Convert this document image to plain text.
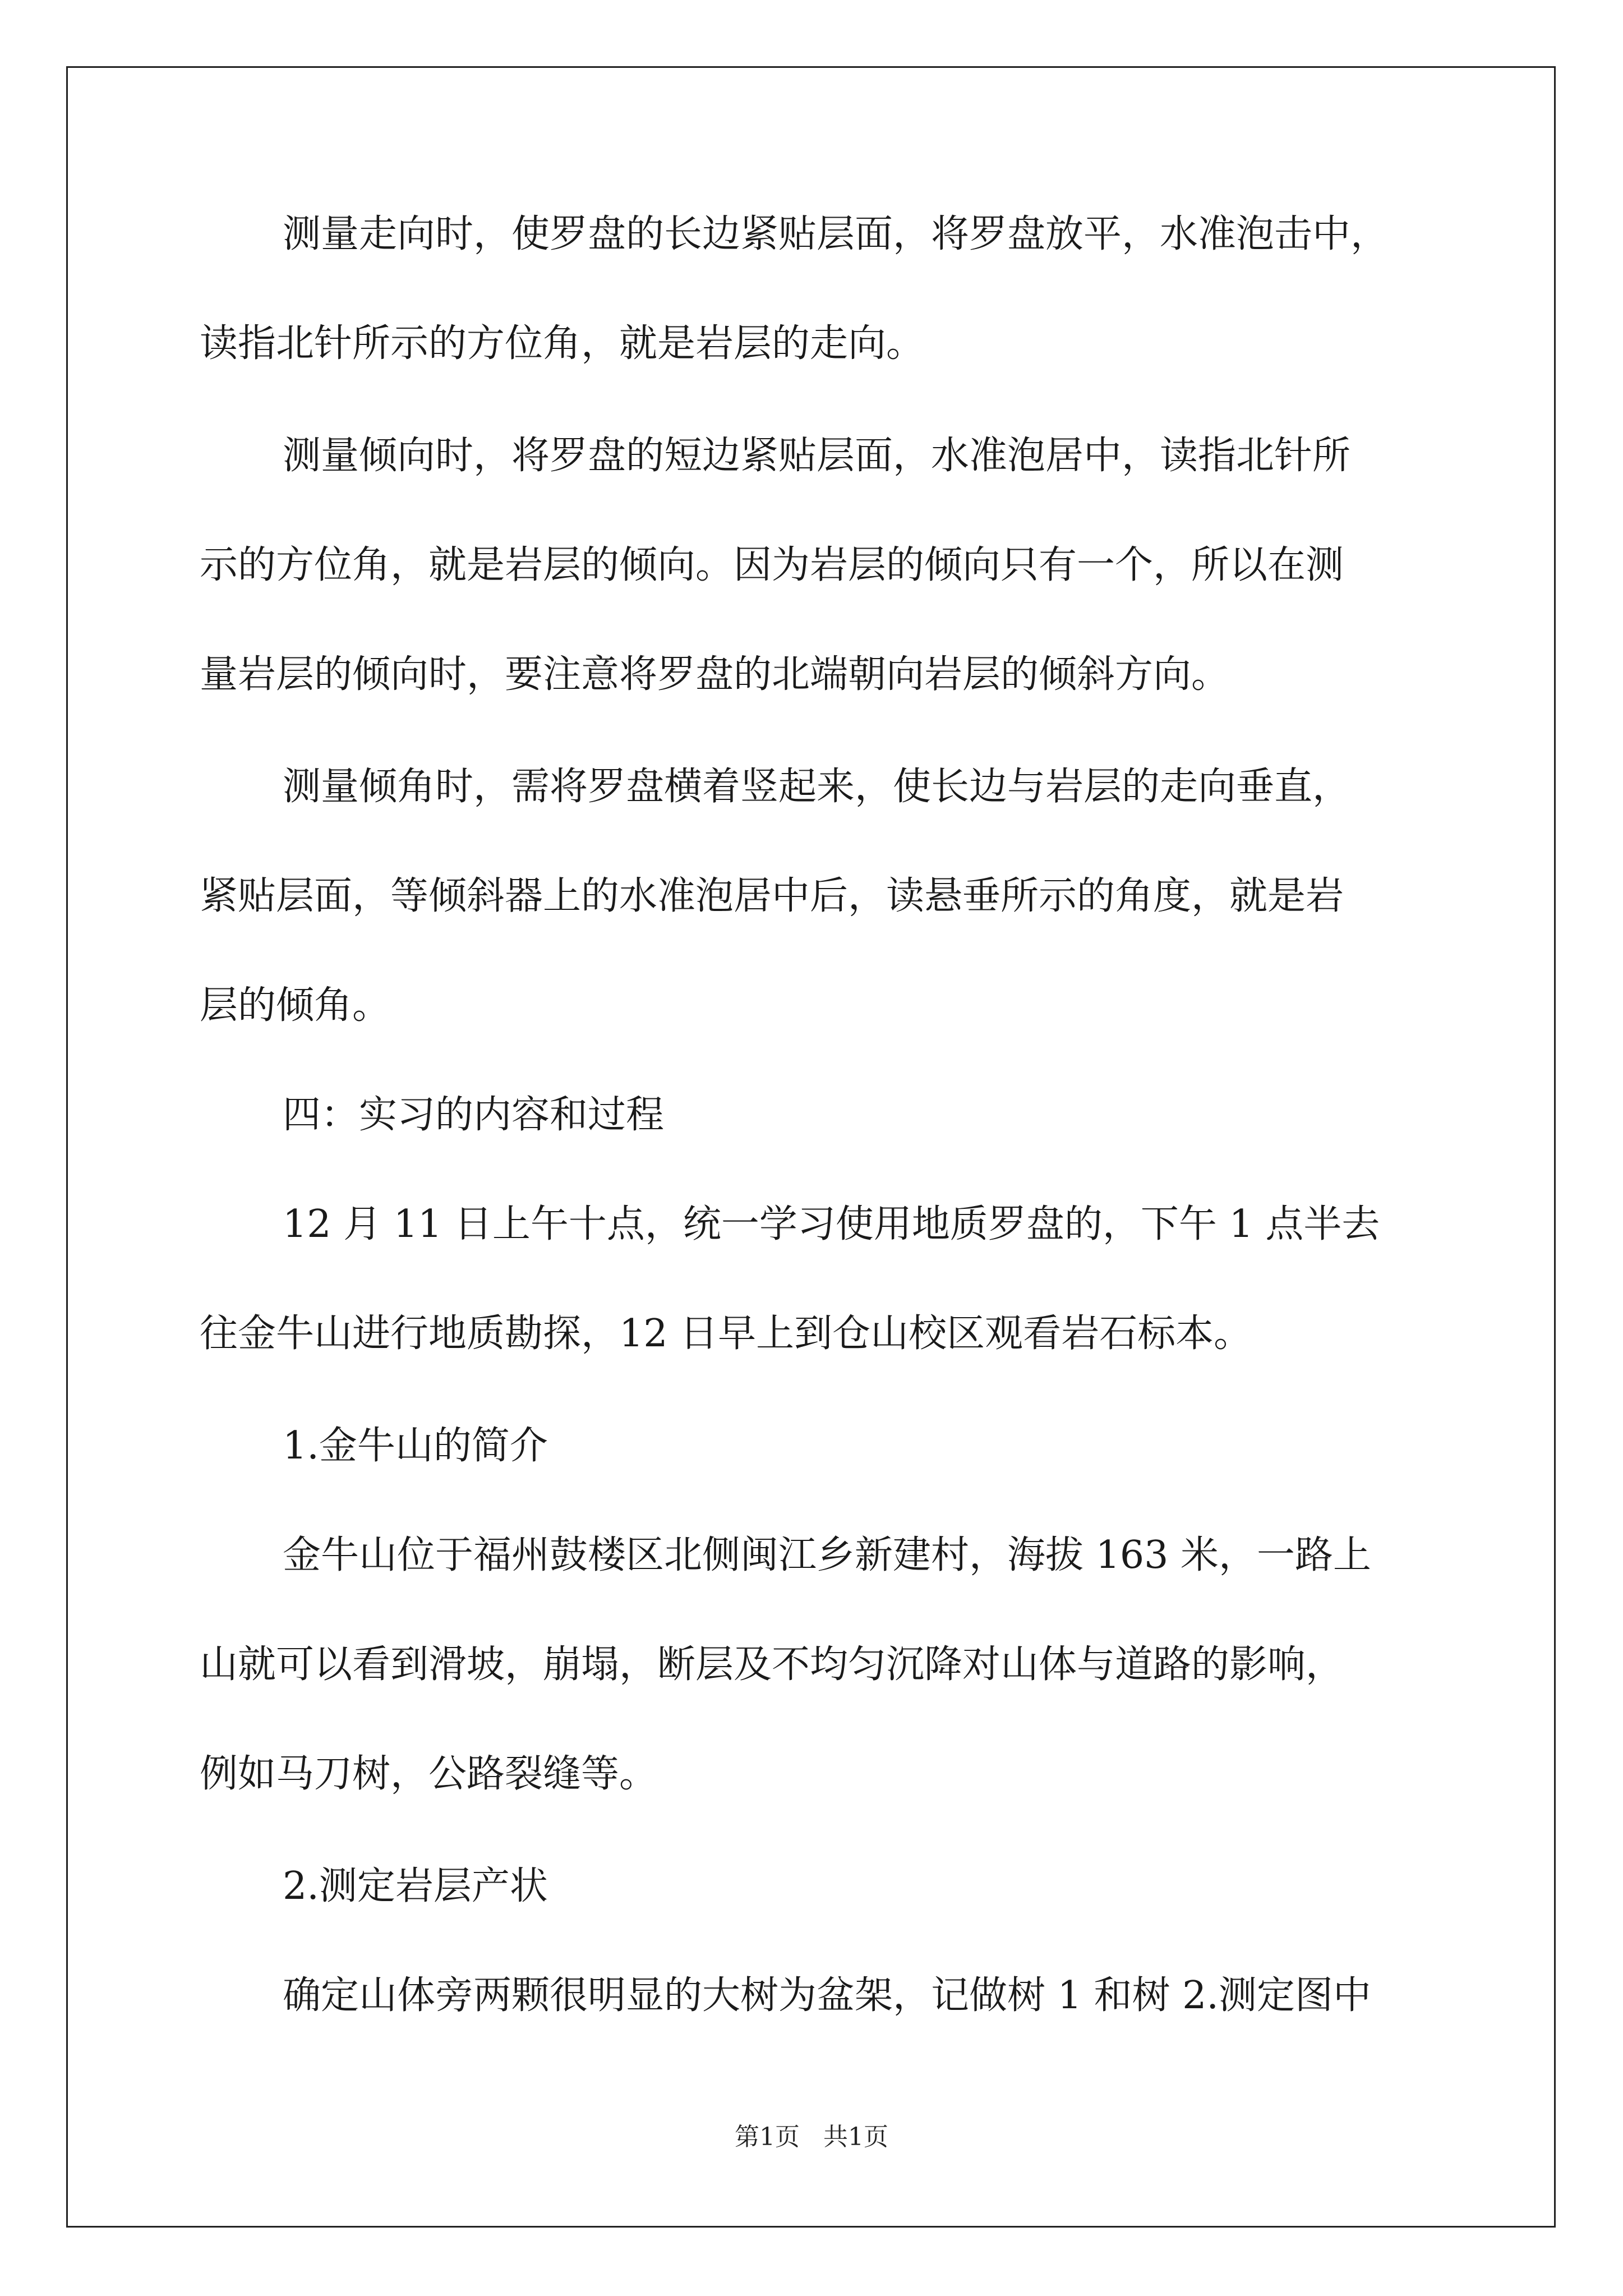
测量走向时，使罗盘的长边紧贴层面，将罗盘放平，水准泡击中，
读指北针所示的方位角，就是岩层的走向。
测量倾向时，将罗盘的短边紧贴层面，水准泡居中，读指北针所
示的方位角，就是岩层的倾向。因为岩层的倾向只有一个，所以在测
量岩层的倾向时，要注意将罗盘的北端朝向岩层的倾斜方向。
测量倾角时，需将罗盘横着竖起来，使长边与岩层的走向垂直，
紧贴层面，等倾斜器上的水准泡居中后，读悬垂所示的角度，就是岩
层的倾角。
四：实习的内容和过程
12 月 11 日上午十点，统一学习使用地质罗盘的，下午 1 点半去
往金牛山进行地质勘探，12 日早上到仓山校区观看岩石标本。
1.金牛山的简介
金牛山位于福州鼓楼区北侧闽江乡新建村，海拔 163 米，一路上
山就可以看到滑坡，崩塌，断层及不均匀沉降对山体与道路的影响，
例如马刀树，公路裂缝等。
2.测定岩层产状
确定山体旁两颗很明显的大树为盆架，记做树 1 和树 2.测定图中
第1页 共1页
